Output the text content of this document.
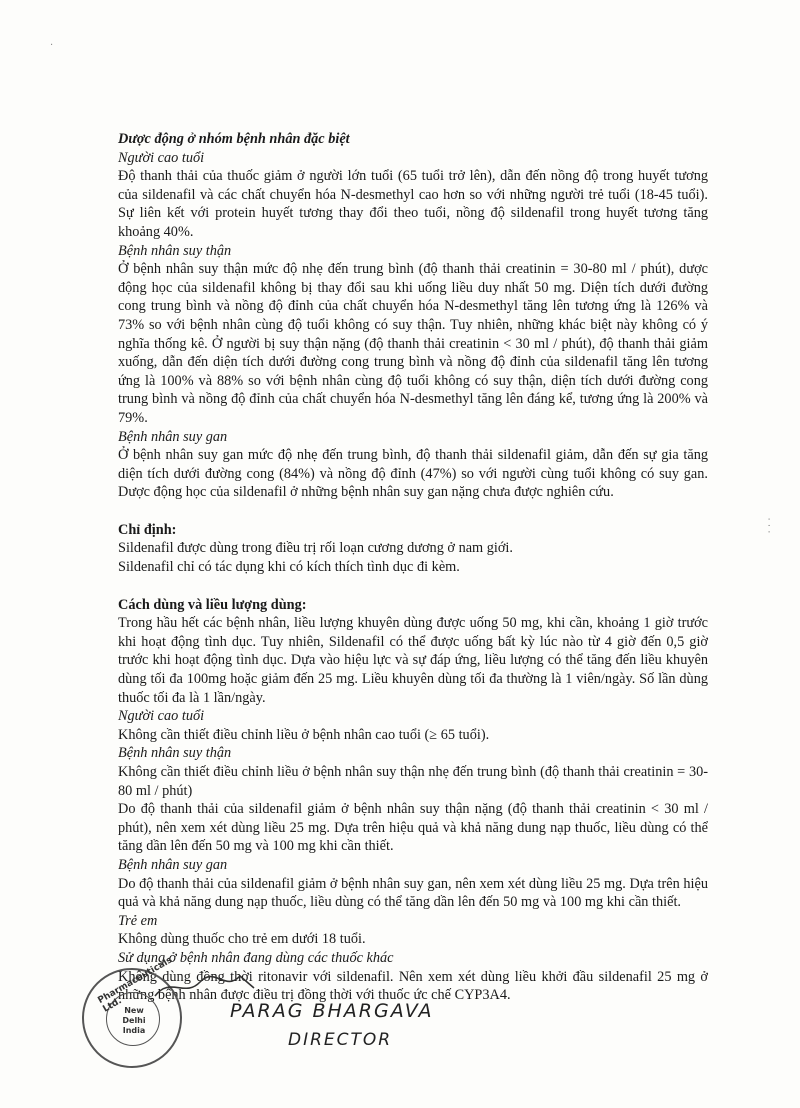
Dược động ở nhóm bệnh nhân đặc biệt
Người cao tuổi

Độ thanh thải của thuốc giảm ở người lớn tuổi (65 tuổi trở lên), dẫn đến nồng độ trong huyết tương của sildenafil và các chất chuyển hóa N-desmethyl cao hơn so với những người trẻ tuổi (18-45 tuổi). Sự liên kết với protein huyết tương thay đổi theo tuổi, nồng độ sildenafil trong huyết tương tăng khoảng 40%.

Bệnh nhân suy thận

Ở bệnh nhân suy thận mức độ nhẹ đến trung bình (độ thanh thải creatinin = 30-80 ml / phút), dược động học của sildenafil không bị thay đổi sau khi uống liều duy nhất 50 mg. Diện tích dưới đường cong trung bình và nồng độ đỉnh của chất chuyển hóa N-desmethyl tăng lên tương ứng là 126% và 73% so với bệnh nhân cùng độ tuổi không có suy thận. Tuy nhiên, những khác biệt này không có ý nghĩa thống kê. Ở người bị suy thận nặng (độ thanh thải creatinin < 30 ml / phút), độ thanh thải giảm xuống, dẫn đến diện tích dưới đường cong trung bình và nồng độ đỉnh của sildenafil tăng lên tương ứng là 100% và 88% so với bệnh nhân cùng độ tuổi không có suy thận, diện tích dưới đường cong trung bình và nồng độ đỉnh của chất chuyển hóa N-desmethyl tăng lên đáng kể, tương ứng là 200% và 79%.

Bệnh nhân suy gan

Ở bệnh nhân suy gan mức độ nhẹ đến trung bình, độ thanh thải sildenafil giảm, dẫn đến sự gia tăng diện tích dưới đường cong (84%) và nồng độ đỉnh (47%) so với người cùng tuổi không có suy gan. Dược động học của sildenafil ở những bệnh nhân suy gan nặng chưa được nghiên cứu.

Chỉ định:
Sildenafil được dùng trong điều trị rối loạn cương dương ở nam giới.
Sildenafil chỉ có tác dụng khi có kích thích tình dục đi kèm.
Cách dùng và liều lượng dùng:

Trong hầu hết các bệnh nhân, liều lượng khuyên dùng được uống 50 mg, khi cần, khoảng 1 giờ trước khi hoạt động tình dục. Tuy nhiên, Sildenafil có thể được uống bất kỳ lúc nào từ 4 giờ đến 0,5 giờ trước khi hoạt động tình dục. Dựa vào hiệu lực và sự đáp ứng, liều lượng có thể tăng đến liều khuyên dùng tối đa 100mg hoặc giảm đến 25 mg. Liều khuyên dùng tối đa thường là 1 viên/ngày. Số lần dùng thuốc tối đa là 1 lần/ngày.

Người cao tuổi
Không cần thiết điều chỉnh liều ở bệnh nhân cao tuổi (≥ 65 tuổi).
Bệnh nhân suy thận

Không cần thiết điều chỉnh liều ở bệnh nhân suy thận nhẹ đến trung bình (độ thanh thải creatinin = 30-80 ml / phút)

Do độ thanh thải của sildenafil giảm ở bệnh nhân suy thận nặng (độ thanh thải creatinin < 30 ml / phút), nên xem xét dùng liều 25 mg. Dựa trên hiệu quả và khả năng dung nạp thuốc, liều dùng có thể tăng dần lên đến 50 mg và 100 mg khi cần thiết.

Bệnh nhân suy gan

Do độ thanh thải của sildenafil giảm ở bệnh nhân suy gan, nên xem xét dùng liều 25 mg. Dựa trên hiệu quả và khả năng dung nạp thuốc, liều dùng có thể tăng dần lên đến 50 mg và 100 mg khi cần thiết.

Trẻ em
Không dùng thuốc cho trẻ em dưới 18 tuổi.
Sử dụng ở bệnh nhân đang dùng các thuốc khác

Không dùng đồng thời ritonavir với sildenafil. Nên xem xét dùng liều khởi đầu sildenafil 25 mg ở những bệnh nhân được điều trị đồng thời với thuốc ức chế CYP3A4.

Pharmaceuticals Ltd. New Delhi India
PARAG BHARGAVA
DIRECTOR
·
· · ·
